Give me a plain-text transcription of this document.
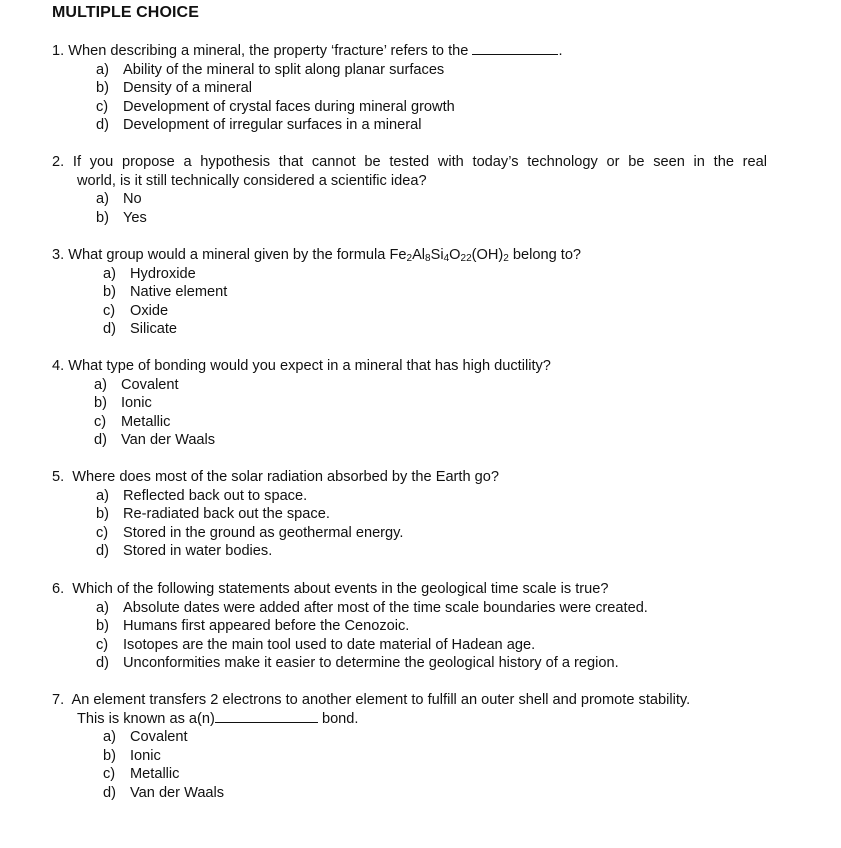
MULTIPLE CHOICE
1. When describing a mineral, the property ‘fracture’ refers to the	.
a) Ability of the mineral to split along planar surfaces
b) Density of a mineral
c) Development of crystal faces during mineral growth
d) Development of irregular surfaces in a mineral
2. If you propose a hypothesis that cannot be tested with today’s technology or be seen in the real
world, is it still technically considered a scientific idea?
a) No
b) Yes
3. What group would a mineral given by the formula $Fe_2Al_8Si_4O_{22}(OH)_2$ belong to?
a) Hydroxide
b) Native element
c) Oxide
d) Silicate
4. What type of bonding would you expect in a mineral that has high ductility?
a) Covalent
b) Ionic
c) Metallic
d) Van der Waals
5. Where does most of the solar radiation absorbed by the Earth go?
a) Reflected back out to space.
b) Re-radiated back out the space.
c) Stored in the ground as geothermal energy.
d) Stored in water bodies.
6. Which of the following statements about events in the geological time scale is true?
a) Absolute dates were added after most of the time scale boundaries were created.
b) Humans first appeared before the Cenozoic.
c) Isotopes are the main tool used to date material of Hadean age.
d) Unconformities make it easier to determine the geological history of a region.
7. An element transfers 2 electrons to another element to fulfill an outer shell and promote stability.
This is known as a(n)	bond.
a) Covalent
b) Ionic
c) Metallic
d) Van der Waals
